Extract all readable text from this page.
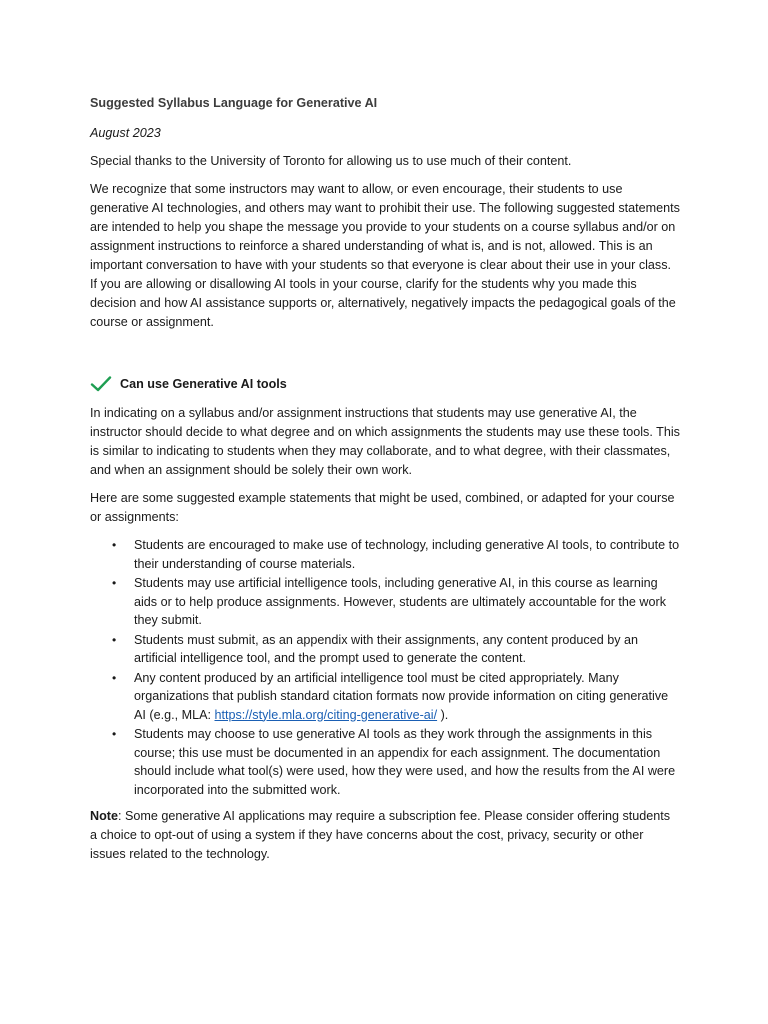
Suggested Syllabus Language for Generative AI
August 2023

Special thanks to the University of Toronto for allowing us to use much of their content.

We recognize that some instructors may want to allow, or even encourage, their students to use generative AI technologies, and others may want to prohibit their use. The following suggested statements are intended to help you shape the message you provide to your students on a course syllabus and/or on assignment instructions to reinforce a shared understanding of what is, and is not, allowed. This is an important conversation to have with your students so that everyone is clear about their use in your class. If you are allowing or disallowing AI tools in your course, clarify for the students why you made this decision and how AI assistance supports or, alternatively, negatively impacts the pedagogical goals of the course or assignment.

Can use Generative AI tools

In indicating on a syllabus and/or assignment instructions that students may use generative AI, the instructor should decide to what degree and on which assignments the students may use these tools. This is similar to indicating to students when they may collaborate, and to what degree, with their classmates, and when an assignment should be solely their own work.

Here are some suggested example statements that might be used, combined, or adapted for your course or assignments:

• Students are encouraged to make use of technology, including generative AI tools, to contribute to their understanding of course materials.
• Students may use artificial intelligence tools, including generative AI, in this course as learning aids or to help produce assignments. However, students are ultimately accountable for the work they submit.
• Students must submit, as an appendix with their assignments, any content produced by an artificial intelligence tool, and the prompt used to generate the content.
• Any content produced by an artificial intelligence tool must be cited appropriately. Many organizations that publish standard citation formats now provide information on citing generative AI (e.g., MLA: https://style.mla.org/citing-generative-ai/ ).
• Students may choose to use generative AI tools as they work through the assignments in this course; this use must be documented in an appendix for each assignment. The documentation should include what tool(s) were used, how they were used, and how the results from the AI were incorporated into the submitted work.

Note: Some generative AI applications may require a subscription fee. Please consider offering students a choice to opt-out of using a system if they have concerns about the cost, privacy, security or other issues related to the technology.
